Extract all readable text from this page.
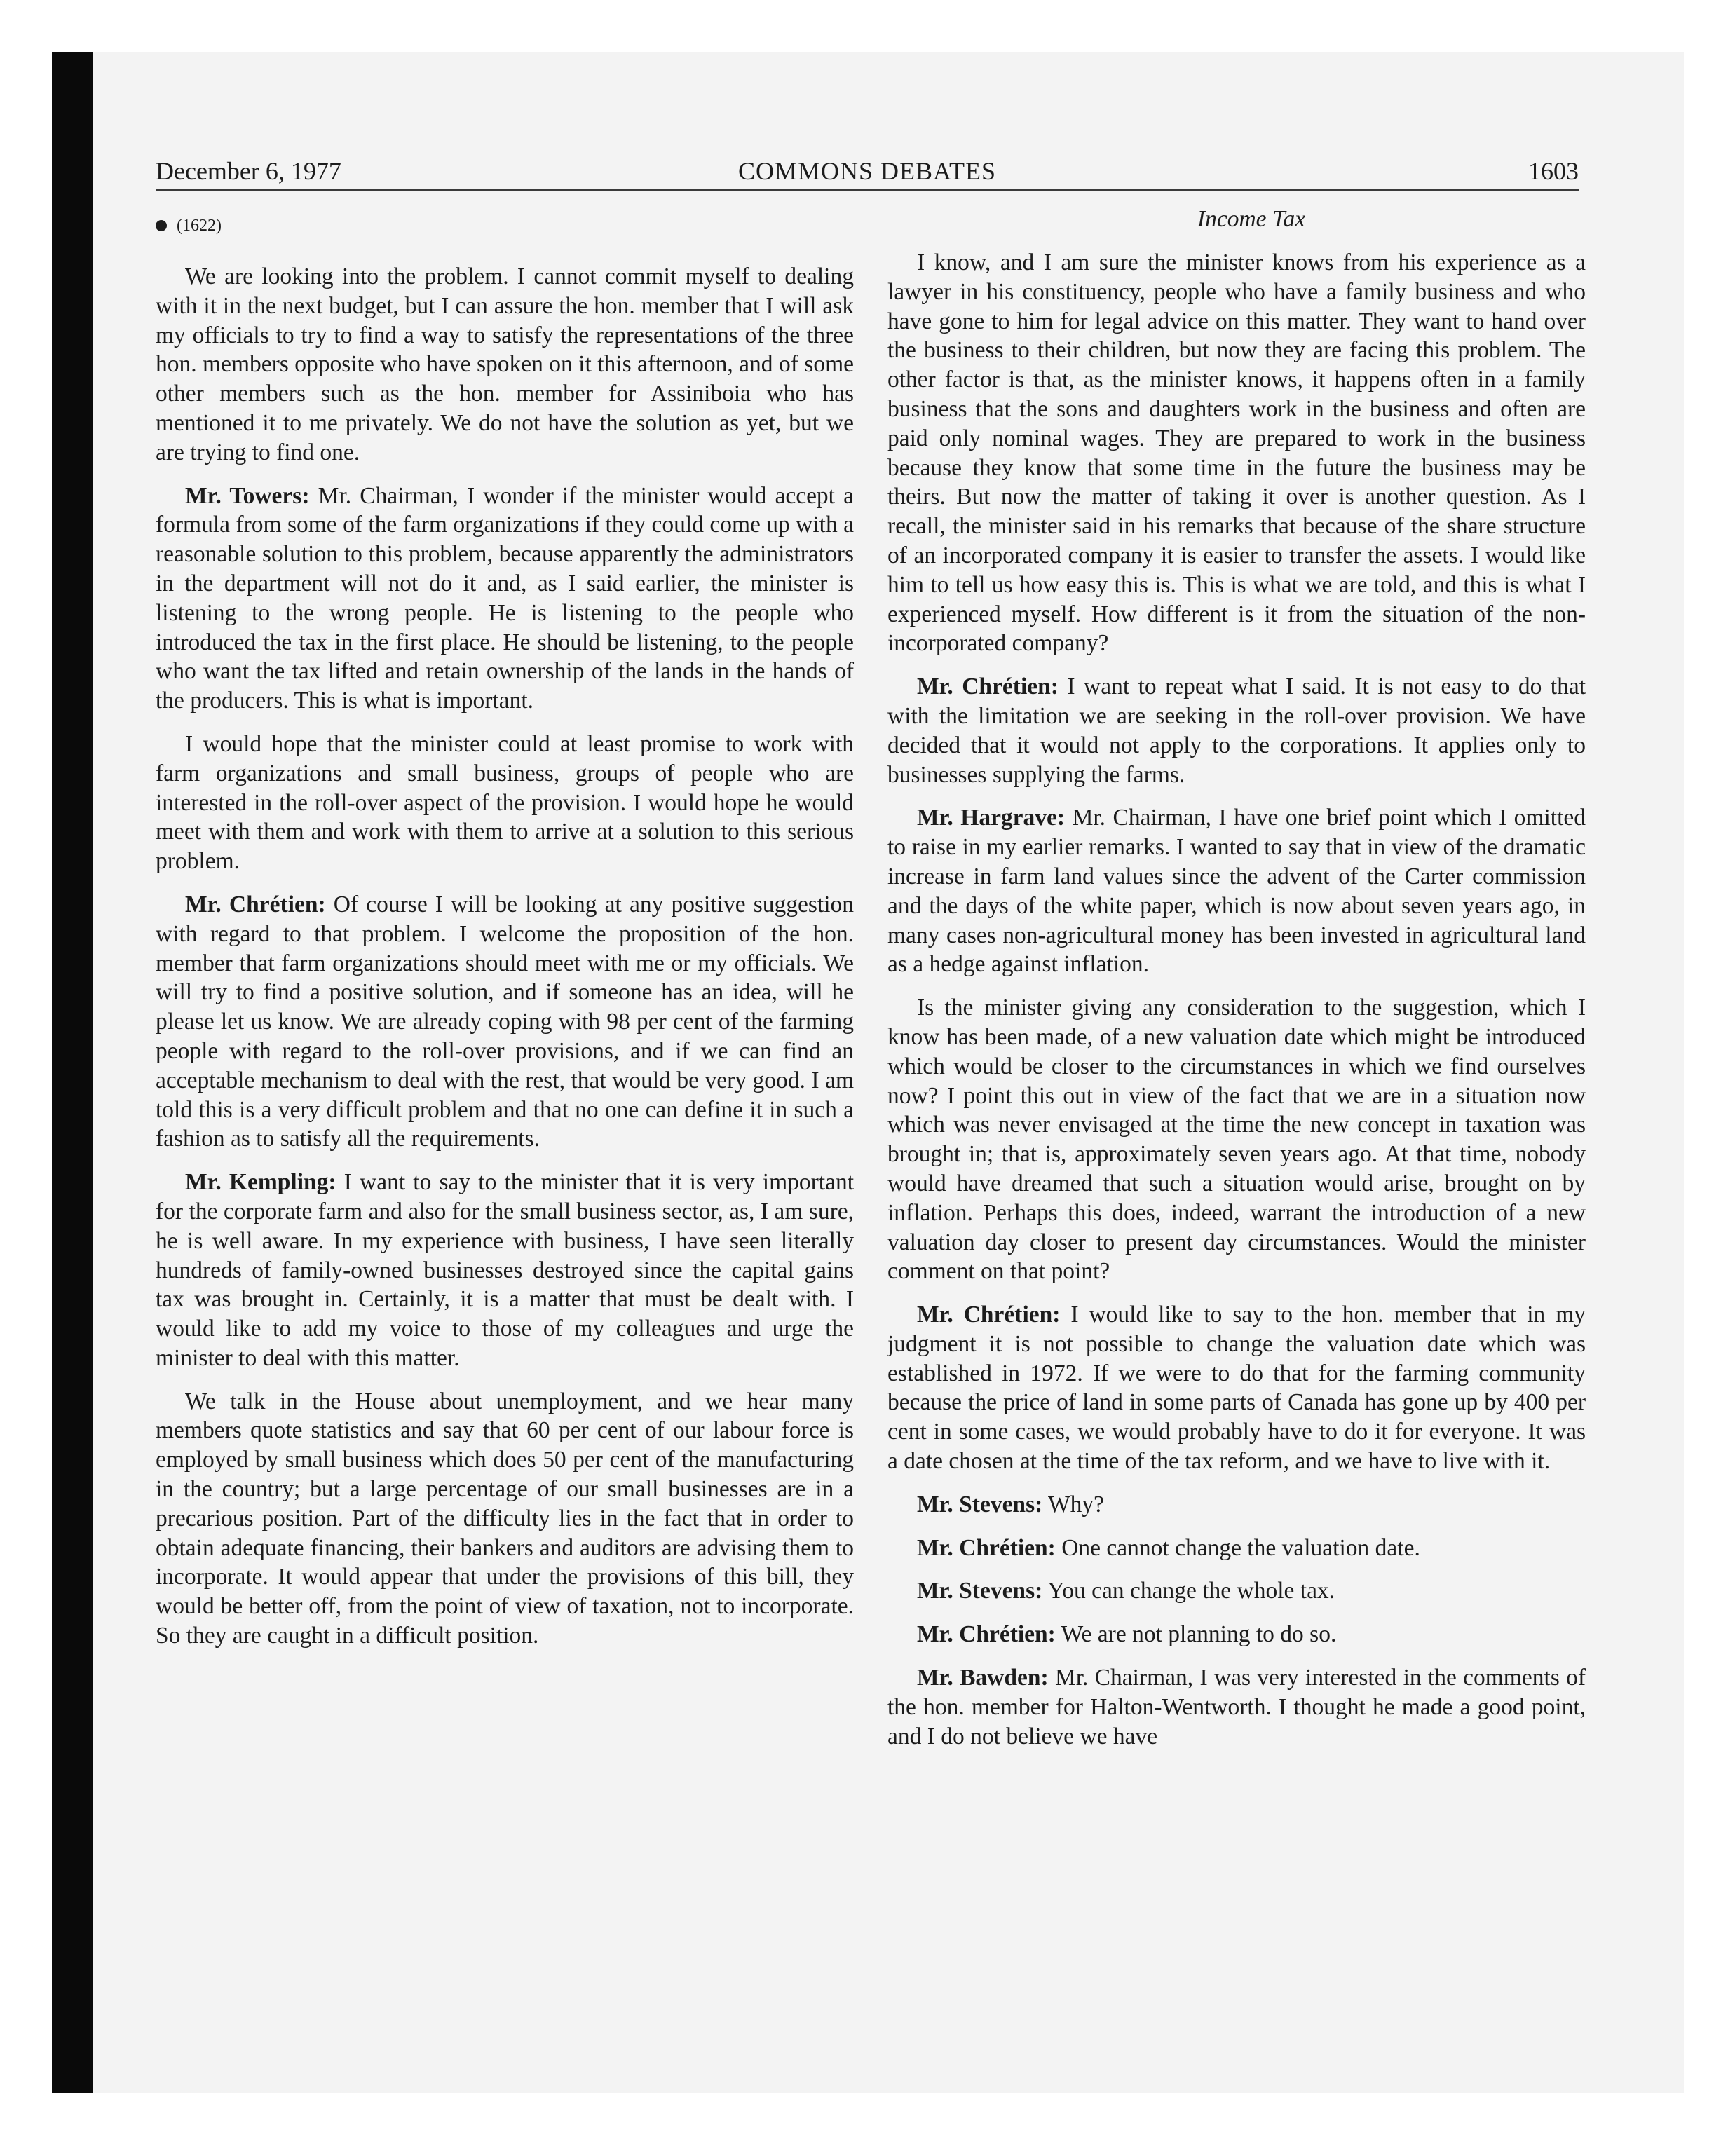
December 6, 1977	COMMONS DEBATES	1603
(1622)

We are looking into the problem. I cannot commit myself to dealing with it in the next budget, but I can assure the hon. member that I will ask my officials to try to find a way to satisfy the representations of the three hon. members opposite who have spoken on it this afternoon, and of some other members such as the hon. member for Assiniboia who has mentioned it to me privately. We do not have the solution as yet, but we are trying to find one.

Mr. Towers: Mr. Chairman, I wonder if the minister would accept a formula from some of the farm organizations if they could come up with a reasonable solution to this problem, because apparently the administrators in the department will not do it and, as I said earlier, the minister is listening to the wrong people. He is listening to the people who introduced the tax in the first place. He should be listening, to the people who want the tax lifted and retain ownership of the lands in the hands of the producers. This is what is important.

I would hope that the minister could at least promise to work with farm organizations and small business, groups of people who are interested in the roll-over aspect of the provision. I would hope he would meet with them and work with them to arrive at a solution to this serious problem.

Mr. Chrétien: Of course I will be looking at any positive suggestion with regard to that problem. I welcome the proposition of the hon. member that farm organizations should meet with me or my officials. We will try to find a positive solution, and if someone has an idea, will he please let us know. We are already coping with 98 per cent of the farming people with regard to the roll-over provisions, and if we can find an acceptable mechanism to deal with the rest, that would be very good. I am told this is a very difficult problem and that no one can define it in such a fashion as to satisfy all the requirements.

Mr. Kempling: I want to say to the minister that it is very important for the corporate farm and also for the small business sector, as, I am sure, he is well aware. In my experience with business, I have seen literally hundreds of family-owned businesses destroyed since the capital gains tax was brought in. Certainly, it is a matter that must be dealt with. I would like to add my voice to those of my colleagues and urge the minister to deal with this matter.

We talk in the House about unemployment, and we hear many members quote statistics and say that 60 per cent of our labour force is employed by small business which does 50 per cent of the manufacturing in the country; but a large percentage of our small businesses are in a precarious position. Part of the difficulty lies in the fact that in order to obtain adequate financing, their bankers and auditors are advising them to incorporate. It would appear that under the provisions of this bill, they would be better off, from the point of view of taxation, not to incorporate. So they are caught in a difficult position.

Income Tax

I know, and I am sure the minister knows from his experience as a lawyer in his constituency, people who have a family business and who have gone to him for legal advice on this matter. They want to hand over the business to their children, but now they are facing this problem. The other factor is that, as the minister knows, it happens often in a family business that the sons and daughters work in the business and often are paid only nominal wages. They are prepared to work in the business because they know that some time in the future the business may be theirs. But now the matter of taking it over is another question. As I recall, the minister said in his remarks that because of the share structure of an incorporated company it is easier to transfer the assets. I would like him to tell us how easy this is. This is what we are told, and this is what I experienced myself. How different is it from the situation of the non-incorporated company?

Mr. Chrétien: I want to repeat what I said. It is not easy to do that with the limitation we are seeking in the roll-over provision. We have decided that it would not apply to the corporations. It applies only to businesses supplying the farms.

Mr. Hargrave: Mr. Chairman, I have one brief point which I omitted to raise in my earlier remarks. I wanted to say that in view of the dramatic increase in farm land values since the advent of the Carter commission and the days of the white paper, which is now about seven years ago, in many cases non-agricultural money has been invested in agricultural land as a hedge against inflation.

Is the minister giving any consideration to the suggestion, which I know has been made, of a new valuation date which might be introduced which would be closer to the circumstances in which we find ourselves now? I point this out in view of the fact that we are in a situation now which was never envisaged at the time the new concept in taxation was brought in; that is, approximately seven years ago. At that time, nobody would have dreamed that such a situation would arise, brought on by inflation. Perhaps this does, indeed, warrant the introduction of a new valuation day closer to present day circumstances. Would the minister comment on that point?

Mr. Chrétien: I would like to say to the hon. member that in my judgment it is not possible to change the valuation date which was established in 1972. If we were to do that for the farming community because the price of land in some parts of Canada has gone up by 400 per cent in some cases, we would probably have to do it for everyone. It was a date chosen at the time of the tax reform, and we have to live with it.

Mr. Stevens: Why?

Mr. Chrétien: One cannot change the valuation date.

Mr. Stevens: You can change the whole tax.

Mr. Chrétien: We are not planning to do so.

Mr. Bawden: Mr. Chairman, I was very interested in the comments of the hon. member for Halton-Wentworth. I thought he made a good point, and I do not believe we have
